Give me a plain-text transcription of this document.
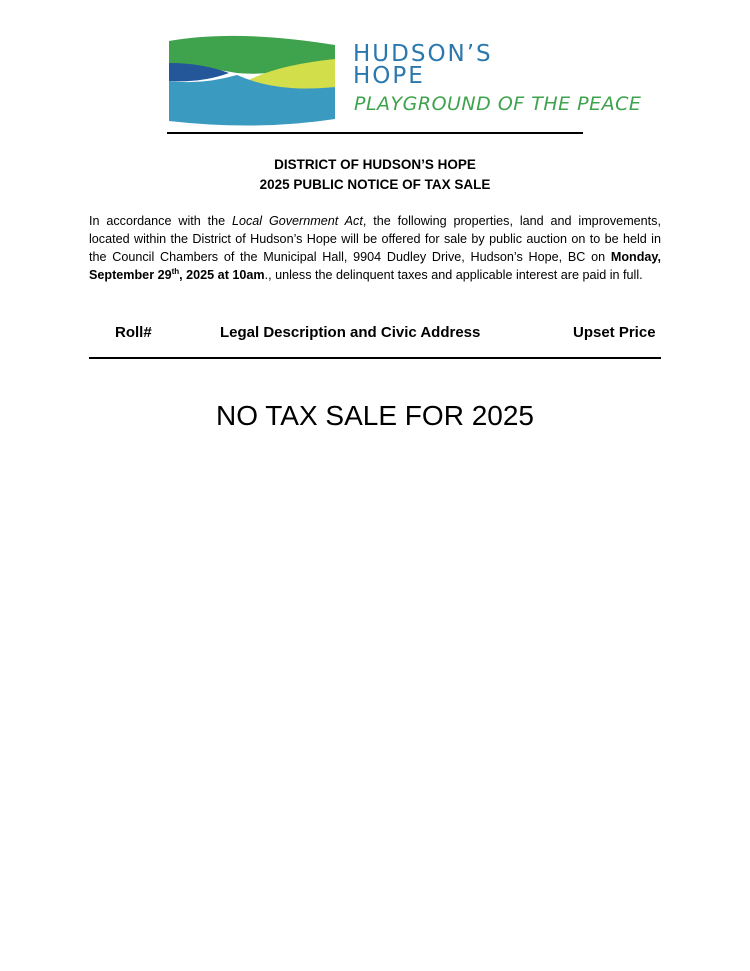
HUDSON’S
HOPE
PLAYGROUND OF THE PEACE
DISTRICT OF HUDSON’S HOPE
2025 PUBLIC NOTICE OF TAX SALE
In accordance with the Local Government Act, the following properties, land and improvements, located within the District of Hudson’s Hope will be offered for sale by public auction on to be held in the Council Chambers of the Municipal Hall, 9904 Dudley Drive, Hudson’s Hope, BC on Monday, September 29th, 2025 at 10am., unless the delinquent taxes and applicable interest are paid in full.
Roll#	Legal Description and Civic Address	Upset Price
NO TAX SALE FOR 2025
